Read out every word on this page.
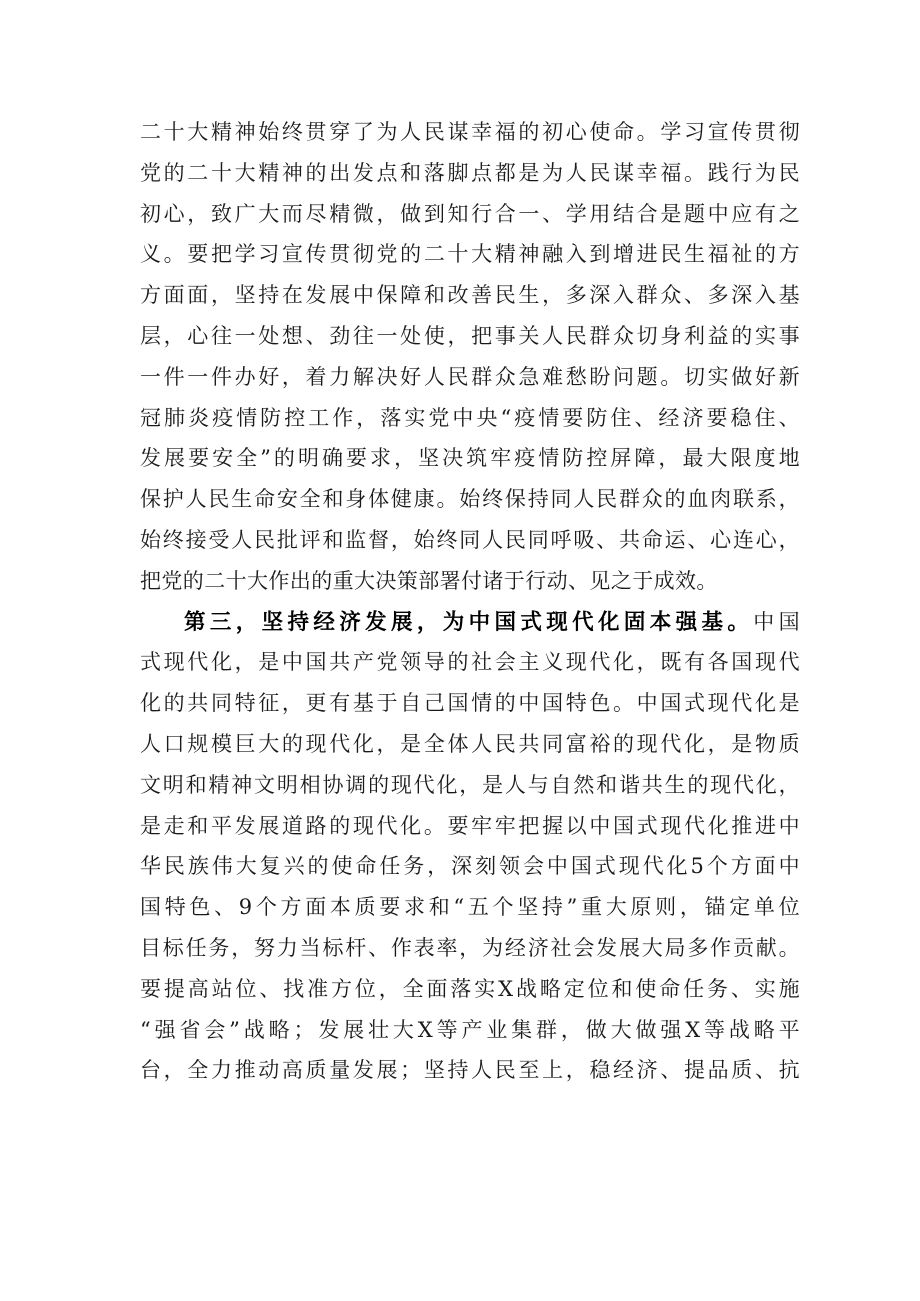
二十大精神始终贯穿了为人民谋幸福的初心使命。学习宣传贯彻
党的二十大精神的出发点和落脚点都是为人民谋幸福。践行为民
初心，致广大而尽精微，做到知行合一、学用结合是题中应有之
义。要把学习宣传贯彻党的二十大精神融入到增进民生福祉的方
方面面，坚持在发展中保障和改善民生，多深入群众、多深入基
层，心往一处想、劲往一处使，把事关人民群众切身利益的实事
一件一件办好，着力解决好人民群众急难愁盼问题。切实做好新
冠肺炎疫情防控工作，落实党中央“疫情要防住、经济要稳住、
发展要安全”的明确要求，坚决筑牢疫情防控屏障，最大限度地
保护人民生命安全和身体健康。始终保持同人民群众的血肉联系，
始终接受人民批评和监督，始终同人民同呼吸、共命运、心连心，
把党的二十大作出的重大决策部署付诸于行动、见之于成效。
第三，坚持经济发展，为中国式现代化固本强基。中国
式现代化，是中国共产党领导的社会主义现代化，既有各国现代
化的共同特征，更有基于自己国情的中国特色。中国式现代化是
人口规模巨大的现代化，是全体人民共同富裕的现代化，是物质
文明和精神文明相协调的现代化，是人与自然和谐共生的现代化，
是走和平发展道路的现代化。要牢牢把握以中国式现代化推进中
华民族伟大复兴的使命任务，深刻领会中国式现代化5个方面中
国特色、9个方面本质要求和“五个坚持”重大原则，锚定单位
目标任务，努力当标杆、作表率，为经济社会发展大局多作贡献。
要提高站位、找准方位，全面落实X战略定位和使命任务、实施
“强省会”战略；发展壮大X等产业集群，做大做强X等战略平
台，全力推动高质量发展；坚持人民至上，稳经济、提品质、抗
